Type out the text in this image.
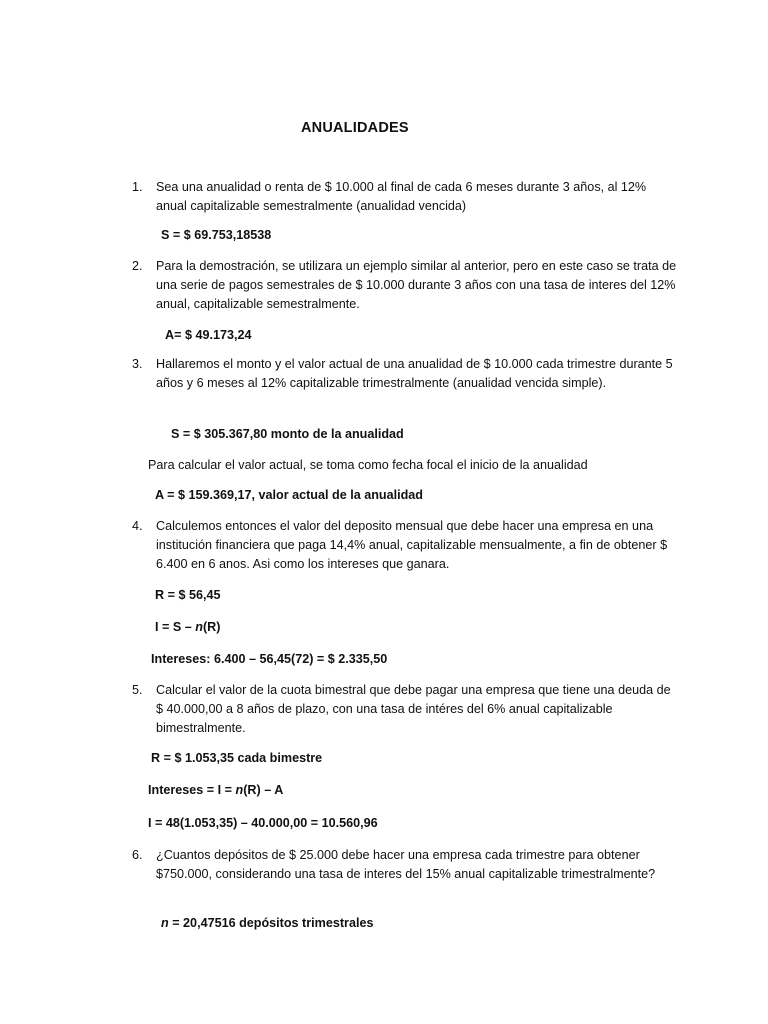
ANUALIDADES
1.	Sea una anualidad o renta de $ 10.000 al final de cada 6 meses durante 3 años, al 12% anual capitalizable semestralmente (anualidad vencida)
S = $ 69.753,18538
2.	Para la demostración, se utilizara un ejemplo similar al anterior, pero en este caso se trata de una serie de pagos semestrales de $ 10.000 durante 3 años con una tasa de interes del 12% anual, capitalizable semestralmente.
A= $ 49.173,24
3.	Hallaremos el monto y el valor actual de una anualidad de $ 10.000 cada trimestre durante 5 años y 6 meses al 12% capitalizable trimestralmente (anualidad vencida simple).
S = $ 305.367,80 monto de la anualidad
Para calcular el valor actual, se toma como fecha focal el inicio de la anualidad
A = $ 159.369,17, valor actual de la anualidad
4.	Calculemos entonces el valor del deposito mensual que debe hacer una empresa en una institución financiera que paga 14,4% anual, capitalizable mensualmente, a fin de obtener $ 6.400 en 6 anos. Asi como los intereses que ganara.
R = $ 56,45
I = S – n(R)
Intereses: 6.400 – 56,45(72) = $ 2.335,50
5.	Calcular el valor de la cuota bimestral que debe pagar una empresa que tiene una deuda de $ 40.000,00 a 8 años de plazo, con una tasa de intéres del 6% anual capitalizable bimestralmente.
R = $ 1.053,35 cada bimestre
Intereses = I = n(R) – A
I = 48(1.053,35) – 40.000,00 = 10.560,96
6.	¿Cuantos depósitos de $ 25.000 debe hacer una empresa cada trimestre para obtener $750.000, considerando una tasa de interes del 15% anual capitalizable trimestralmente?
n = 20,47516 depósitos trimestrales
